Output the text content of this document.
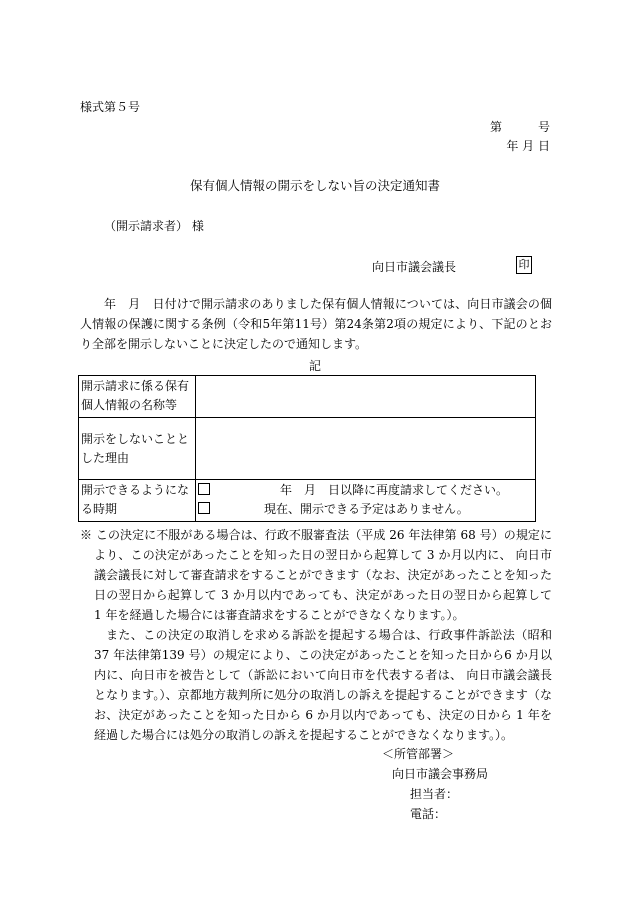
様式第５号
第　　　号
年 月 日
保有個人情報の開示をしない旨の決定通知書
（開示請求者） 様
向日市議会議長	印
年　月　日付けで開示請求のありました保有個人情報については、向日市議会の個人情報の保護に関する条例（令和5年第11号）第24条第2項の規定により、下記のとおり全部を開示しないことに決定したので通知します。
記
開示請求に係る保有個人情報の名称等	
開示をしないこととした理由	
開示できるようになる時期	年　月　日以降に再度請求してください。
現在、開示できる予定はありません。

※ この決定に不服がある場合は、行政不服審査法（平成 26 年法律第 68 号）の規定により、この決定があったことを知った日の翌日から起算して 3 か月以内に、 向日市議会議長に対して審査請求をすることができます（なお、決定があったことを知った日の翌日から起算して 3 か月以内であっても、決定があった日の翌日から起算して 1 年を経過した場合には審査請求をすることができなくなります。）。

また、この決定の取消しを求める訴訟を提起する場合は、行政事件訴訟法（昭和 37 年法律第139 号）の規定により、この決定があったことを知った日から6 か月以内に、向日市を被告として（訴訟において向日市を代表する者は、 向日市議会議長 となります。）、京都地方裁判所に処分の取消しの訴えを提起することができます（なお、決定があったことを知った日から 6 か月以内であっても、決定の日から 1 年を経過した場合には処分の取消しの訴えを提起することができなくなります。）。

＜所管部署＞
向日市議会事務局
担当者：
電話：
